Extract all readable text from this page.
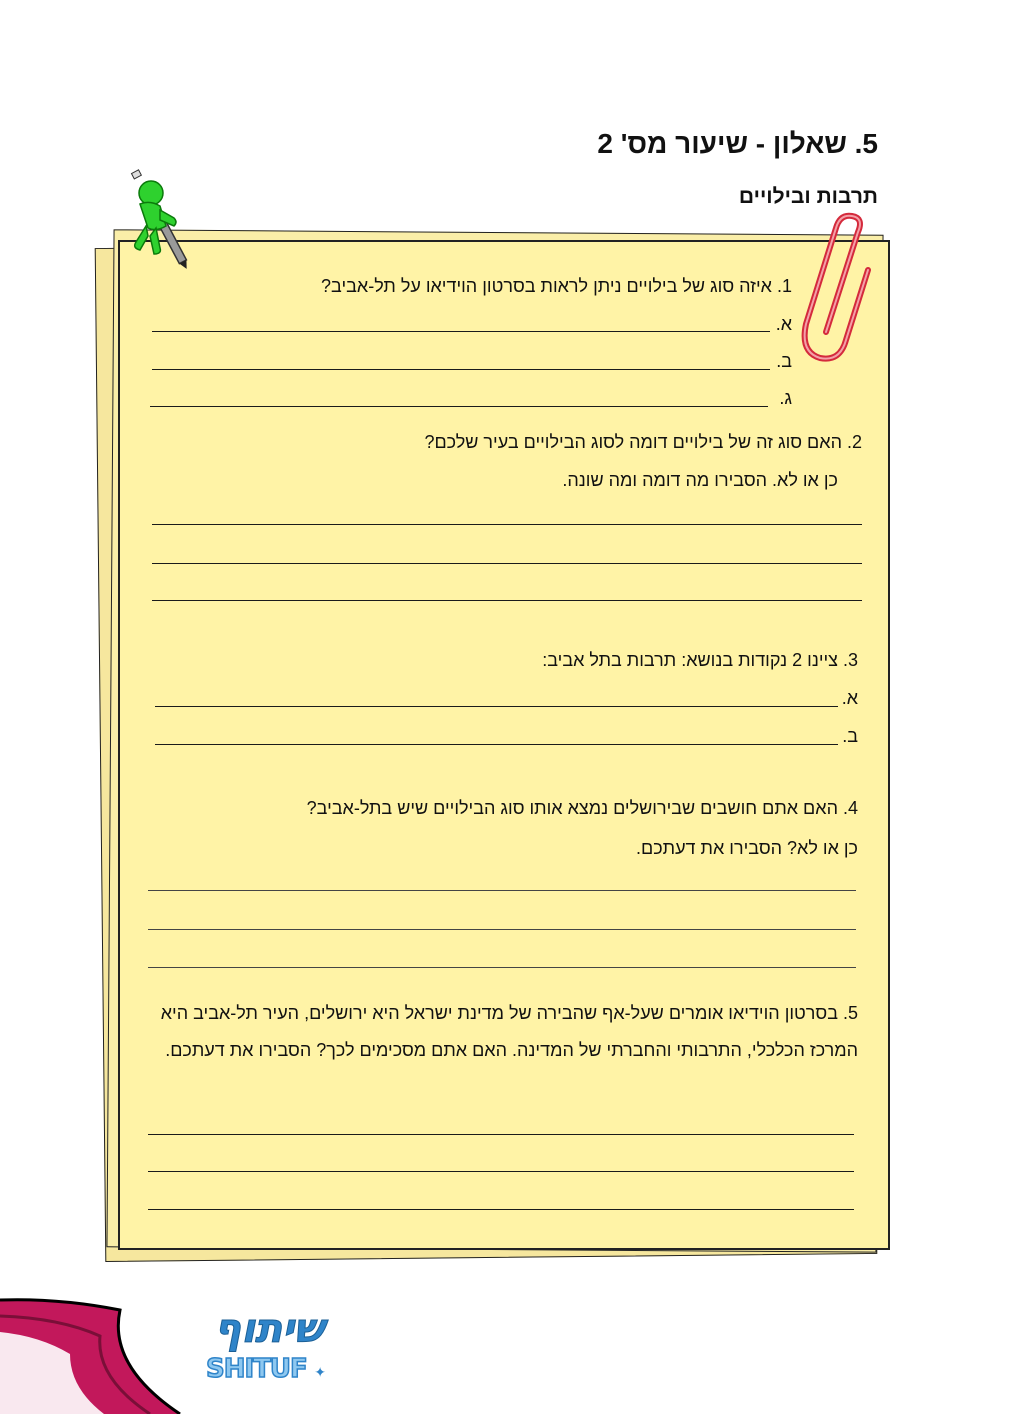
5. שאלון - שיעור מס' 2
תרבות ובילויים
1. איזה סוג של בילויים ניתן לראות בסרטון הוידיאו על תל-אביב?
א.
ב.
ג.
2. האם סוג זה של בילויים דומה לסוג הבילויים בעיר שלכם?
כן או לא. הסבירו מה דומה ומה שונה.
3. ציינו 2 נקודות בנושא: תרבות בתל אביב:
א.
ב.
4. האם אתם חושבים שבירושלים נמצא אותו סוג הבילויים שיש בתל-אביב?
כן או לא? הסבירו את דעתכם.
5. בסרטון הוידיאו אומרים שעל-אף שהבירה של מדינת ישראל היא ירושלים, העיר תל-אביב היא המרכז הכלכלי, התרבותי והחברתי של המדינה. האם אתם מסכימים לכך? הסבירו את דעתכם.
שיתוף
SHITUF ✦
